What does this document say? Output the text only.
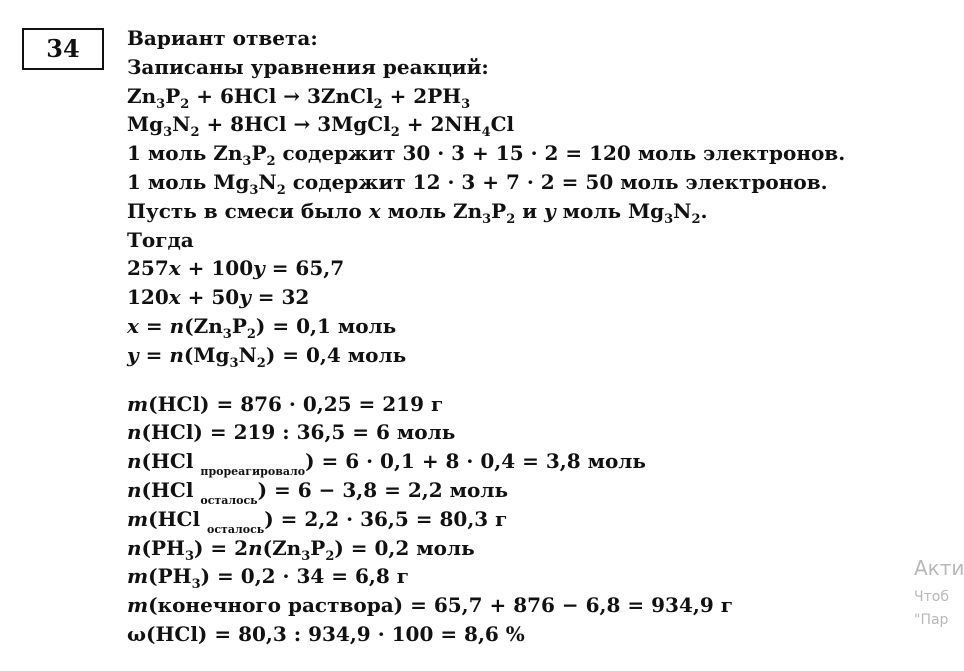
34	Вариант ответа:
Записаны уравнения реакций:
$Zn_3P_2 + 6HCl$ → 3ZnCl$_2$ + $2PH_3$
$Mg_3N_2 + 8HCl$ → 3MgCl$_2$ + $2NH_4Cl$
1 моль $Zn_3P_2$ содержит 30 · 3 + 15 · 2 = 120 моль электронов.
1 моль $Mg_3N_2$ содержит 12 · 3 + 7 · 2 = 50 моль электронов.
Пусть в смеси было x моль $Zn_3P_2$ и y моль $Mg_3N_2$.
Тогда
257x + 100y = 65,7
120x + 50y = 32
$x = n(Zn_3P_2) = 0,1$ моль
$y = n(Mg_3N_2) = 0,4$ моль
m(HCl) = 876 · 0,25 = 219 г
n(HCl) = 219 : 36,5 = 6 моль
n(HCl $_{прореагировало}$) = 6 · 0,1 + 8 · 0,4 = 3,8 моль
n(HCl $_{осталось}$) = 6 − 3,8 = 2,2 моль
m(HCl $_{осталось}$) = 2,2 · 36,5 = 80,3 г
$n(PH_3) = 2n(Zn_3P_2) = 0,2$ моль
$m(PH_3) = 0,2 \cdot 34 = 6,8$ г
m(конечного раствора) = 65,7 + 876 − 6,8 = 934,9 г
ω(HCl) = 80,3 : 934,9 · 100 = 8,6 %
Акти
Чтоб
"Пар
